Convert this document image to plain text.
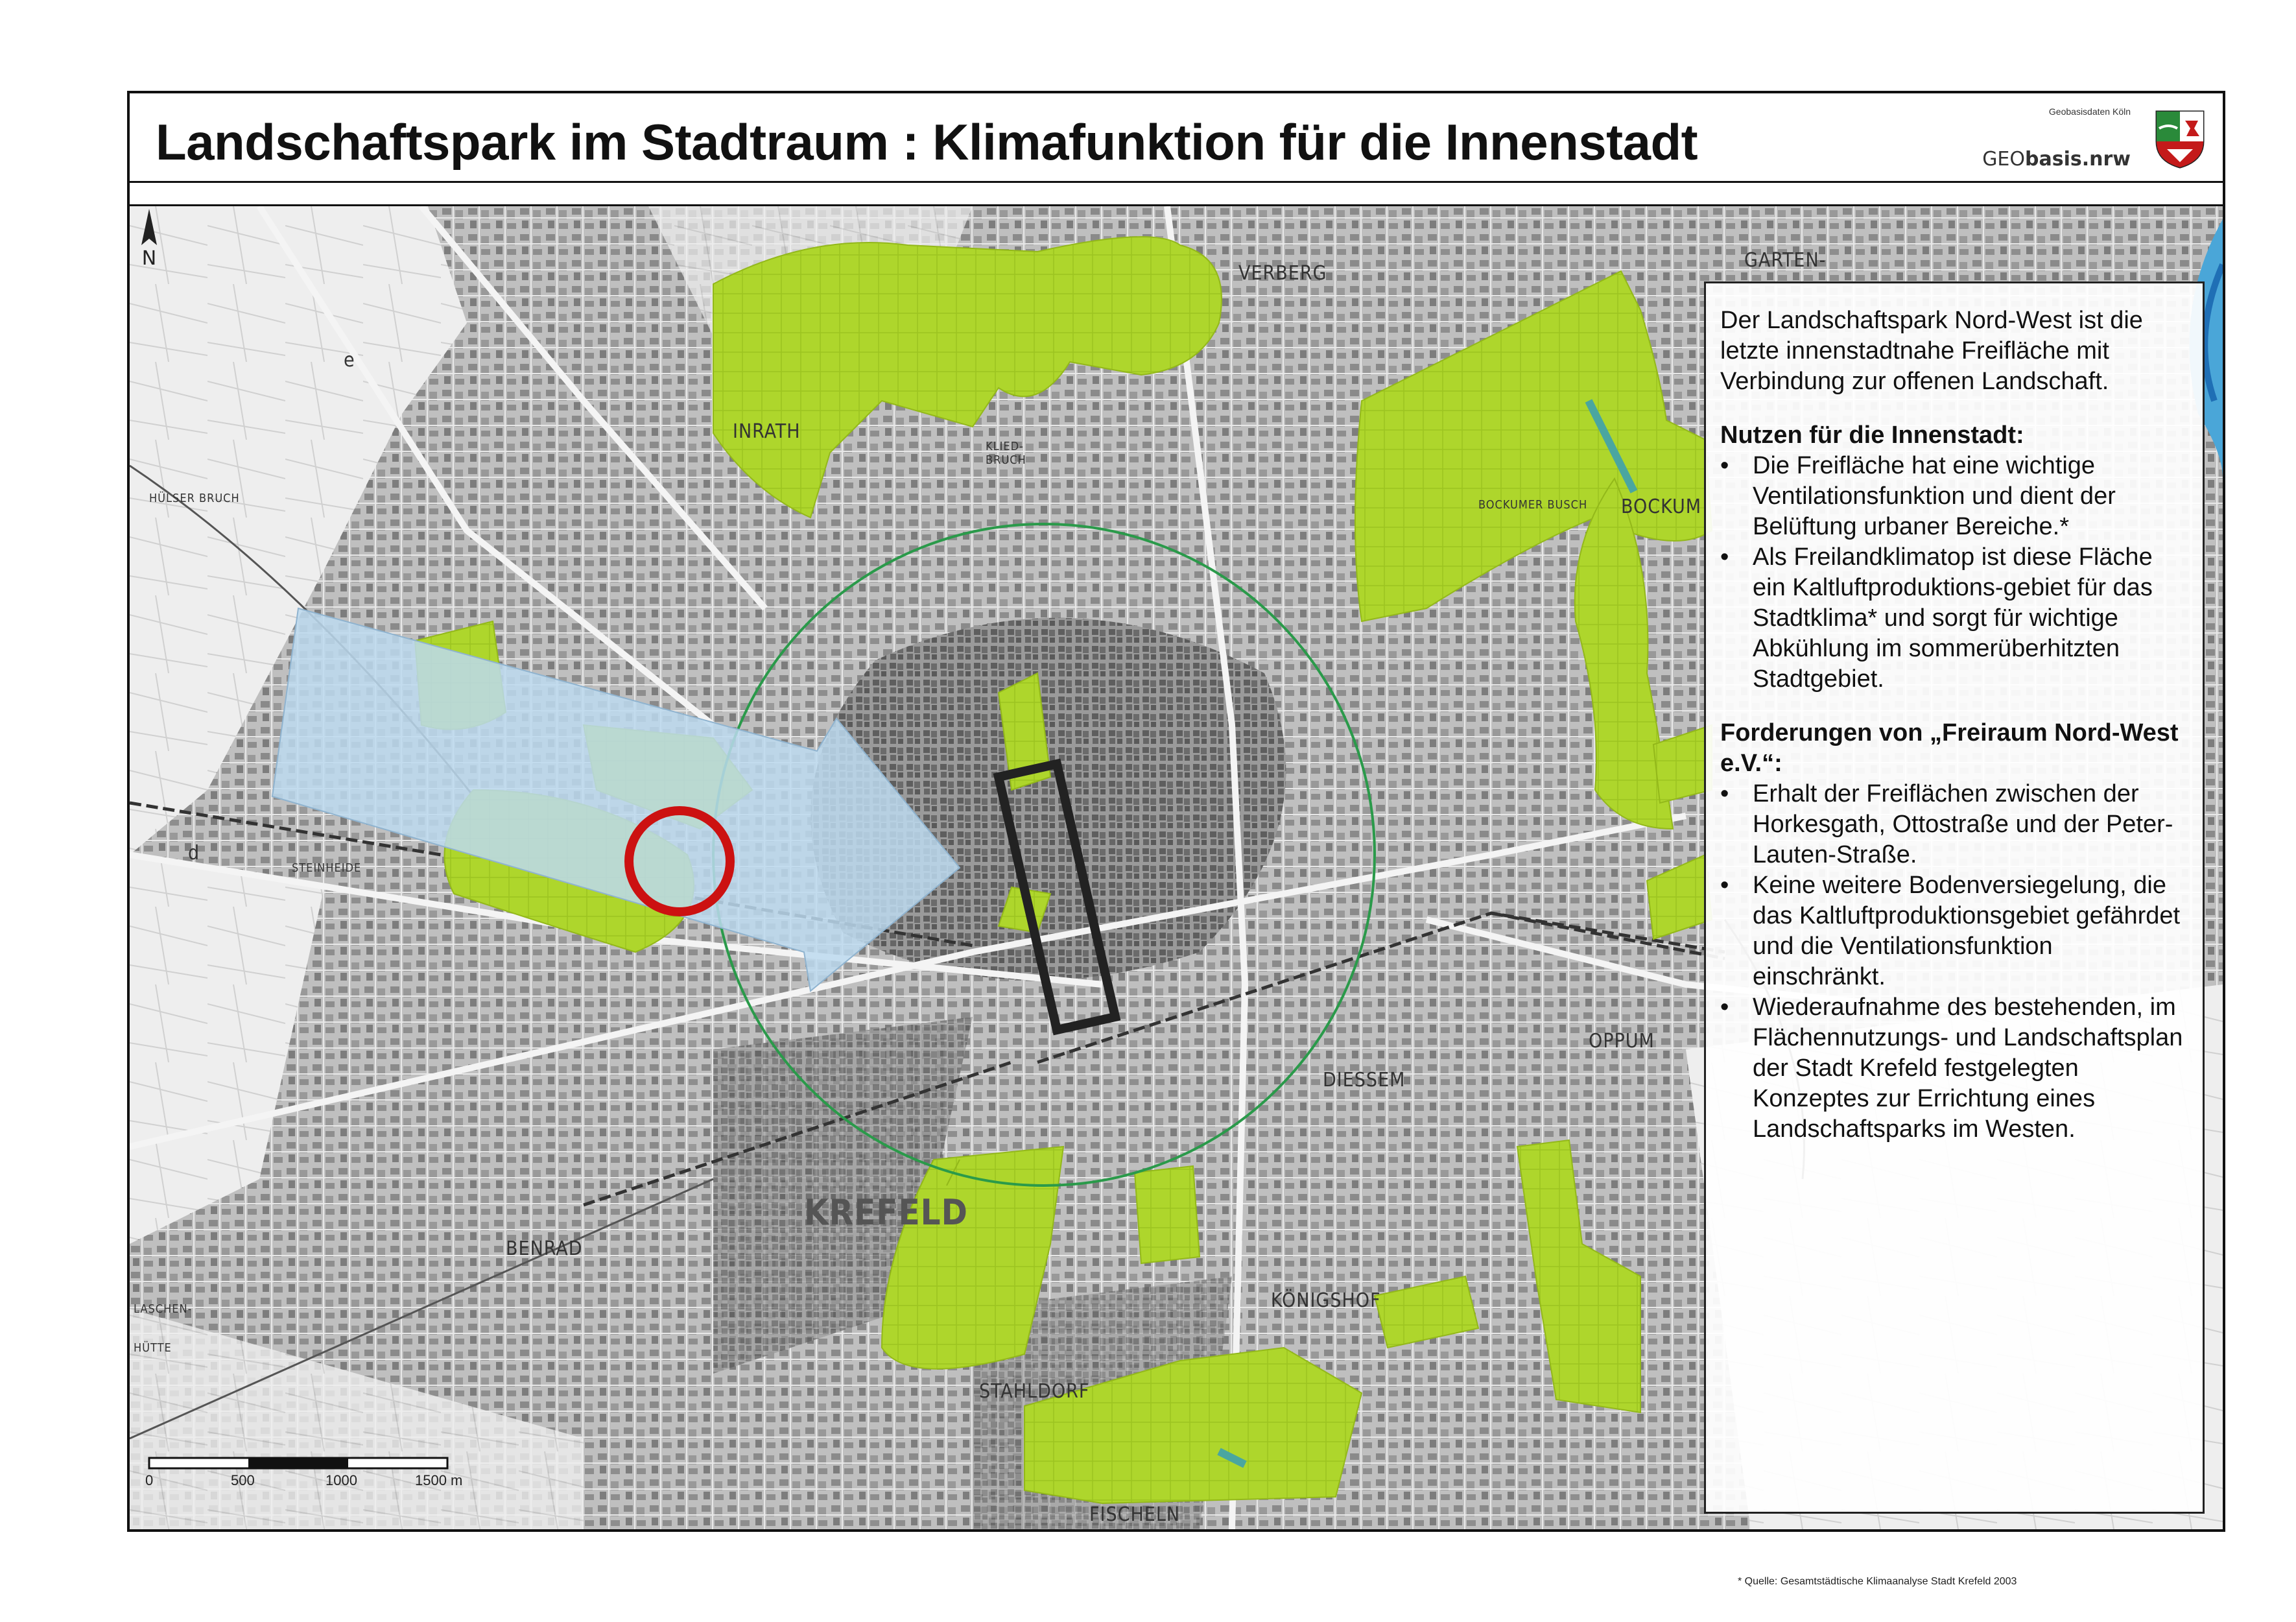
Landschaftspark im Stadtraum : Klimafunktion für die Innenstadt
Geobasisdaten Köln
GEObasis.nrw
VERBERG
GARTEN-
INRATH
KLIED-
BRUCH
BOCKUM
HÜLSER BRUCH
STEINHEIDE
KREFELD
BENRAD
DIESSEM
OPPUM
KÖNIGSHOF
STAHLDORF
FISCHELN
HÜTTE
LASCHEN-
BOCKUMER BUSCH
d
e
N

Der Landschaftspark Nord-West ist die letzte innenstadtnahe Freifläche mit Verbindung zur offenen Landschaft.

Nutzen für die Innenstadt:
• Die Freifläche hat eine wichtige Ventilationsfunktion und dient der Belüftung urbaner Bereiche.*
• Als Freilandklimatop ist diese Fläche ein Kaltluftproduktions-gebiet für das Stadtklima* und sorgt für wichtige Abkühlung im sommerüberhitzten Stadtgebiet.
Forderungen von „Freiraum Nord-West e.V.“:
• Erhalt der Freiflächen zwischen der Horkesgath, Ottostraße und der Peter-Lauten-Straße.
• Keine weitere Bodenversiegelung, die das Kaltluftproduktionsgebiet gefährdet und die Ventilationsfunktion einschränkt.
• Wiederaufnahme des bestehenden, im Flächennutzungs- und Landschaftsplan der Stadt Krefeld festgelegten Konzeptes zur Errichtung eines Landschaftsparks im Westen.
0	500	1000	1500 m
* Quelle: Gesamtstädtische Klimaanalyse Stadt Krefeld 2003
